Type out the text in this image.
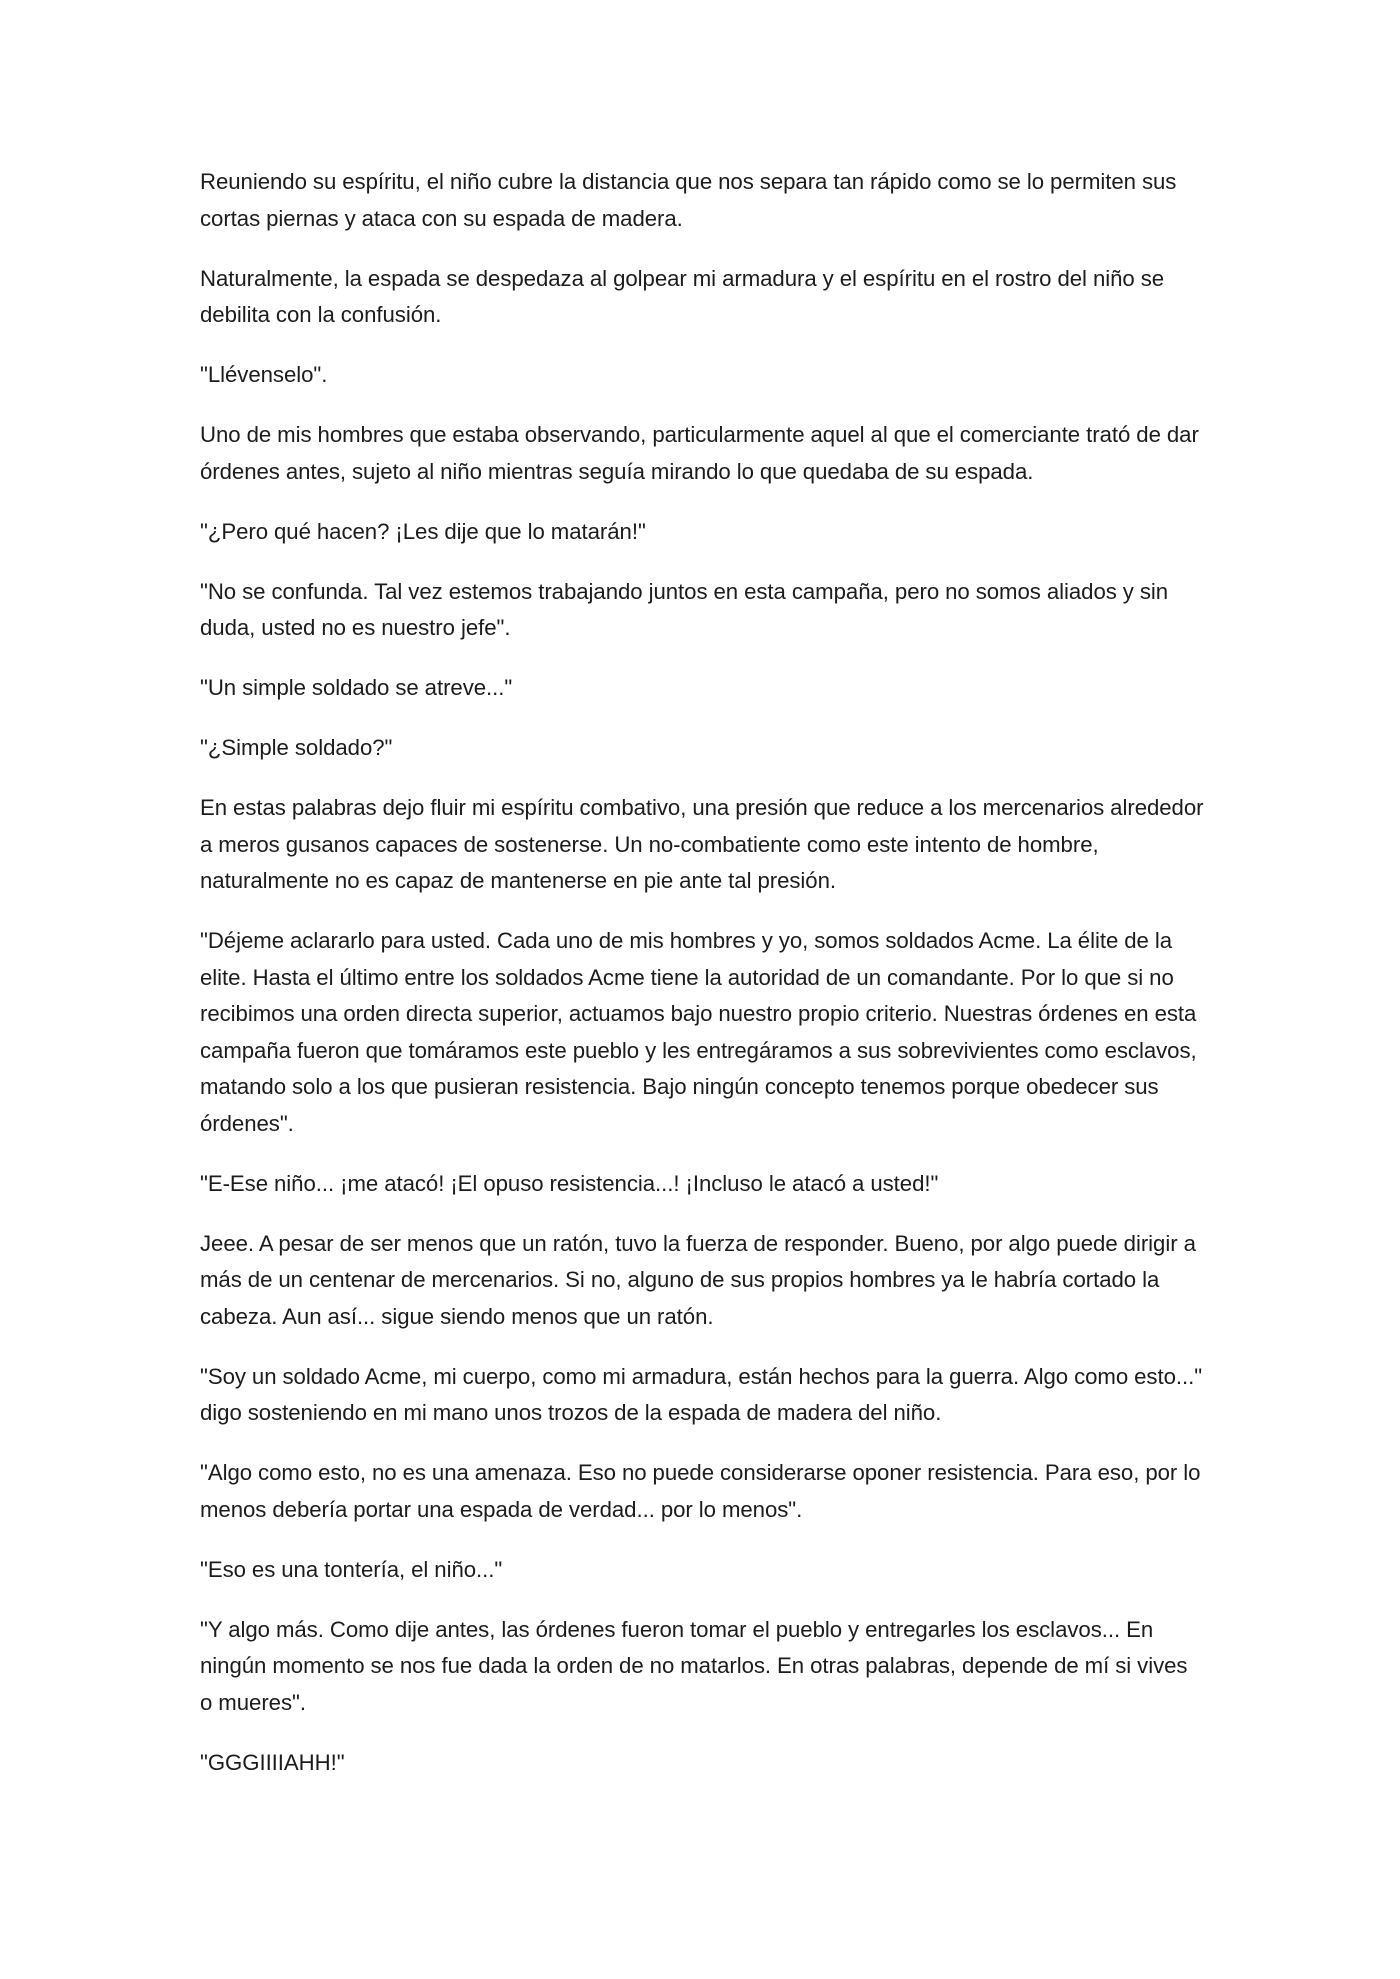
Reuniendo su espíritu, el niño cubre la distancia que nos separa tan rápido como se lo permiten sus cortas piernas y ataca con su espada de madera.

Naturalmente, la espada se despedaza al golpear mi armadura y el espíritu en el rostro del niño se debilita con la confusión.

"Llévenselo".

Uno de mis hombres que estaba observando, particularmente aquel al que el comerciante trató de dar órdenes antes, sujeto al niño mientras seguía mirando lo que quedaba de su espada.

"¿Pero qué hacen? ¡Les dije que lo matarán!"

"No se confunda. Tal vez estemos trabajando juntos en esta campaña, pero no somos aliados y sin duda, usted no es nuestro jefe".

"Un simple soldado se atreve..."

"¿Simple soldado?"

En estas palabras dejo fluir mi espíritu combativo, una presión que reduce a los mercenarios alrededor a meros gusanos capaces de sostenerse. Un no-combatiente como este intento de hombre, naturalmente no es capaz de mantenerse en pie ante tal presión.

"Déjeme aclararlo para usted. Cada uno de mis hombres y yo, somos soldados Acme. La élite de la elite. Hasta el último entre los soldados Acme tiene la autoridad de un comandante. Por lo que si no recibimos una orden directa superior, actuamos bajo nuestro propio criterio. Nuestras órdenes en esta campaña fueron que tomáramos este pueblo y les entregáramos a sus sobrevivientes como esclavos, matando solo a los que pusieran resistencia. Bajo ningún concepto tenemos porque obedecer sus órdenes".

"E-Ese niño... ¡me atacó! ¡El opuso resistencia...! ¡Incluso le atacó a usted!"

Jeee. A pesar de ser menos que un ratón, tuvo la fuerza de responder. Bueno, por algo puede dirigir a más de un centenar de mercenarios. Si no, alguno de sus propios hombres ya le habría cortado la cabeza. Aun así... sigue siendo menos que un ratón.

"Soy un soldado Acme, mi cuerpo, como mi armadura, están hechos para la guerra. Algo como esto..." digo sosteniendo en mi mano unos trozos de la espada de madera del niño.

"Algo como esto, no es una amenaza. Eso no puede considerarse oponer resistencia. Para eso, por lo menos debería portar una espada de verdad... por lo menos".

"Eso es una tontería, el niño..."

"Y algo más. Como dije antes, las órdenes fueron tomar el pueblo y entregarles los esclavos... En ningún momento se nos fue dada la orden de no matarlos. En otras palabras, depende de mí si vives o mueres".

"GGGIIIIAHH!"
